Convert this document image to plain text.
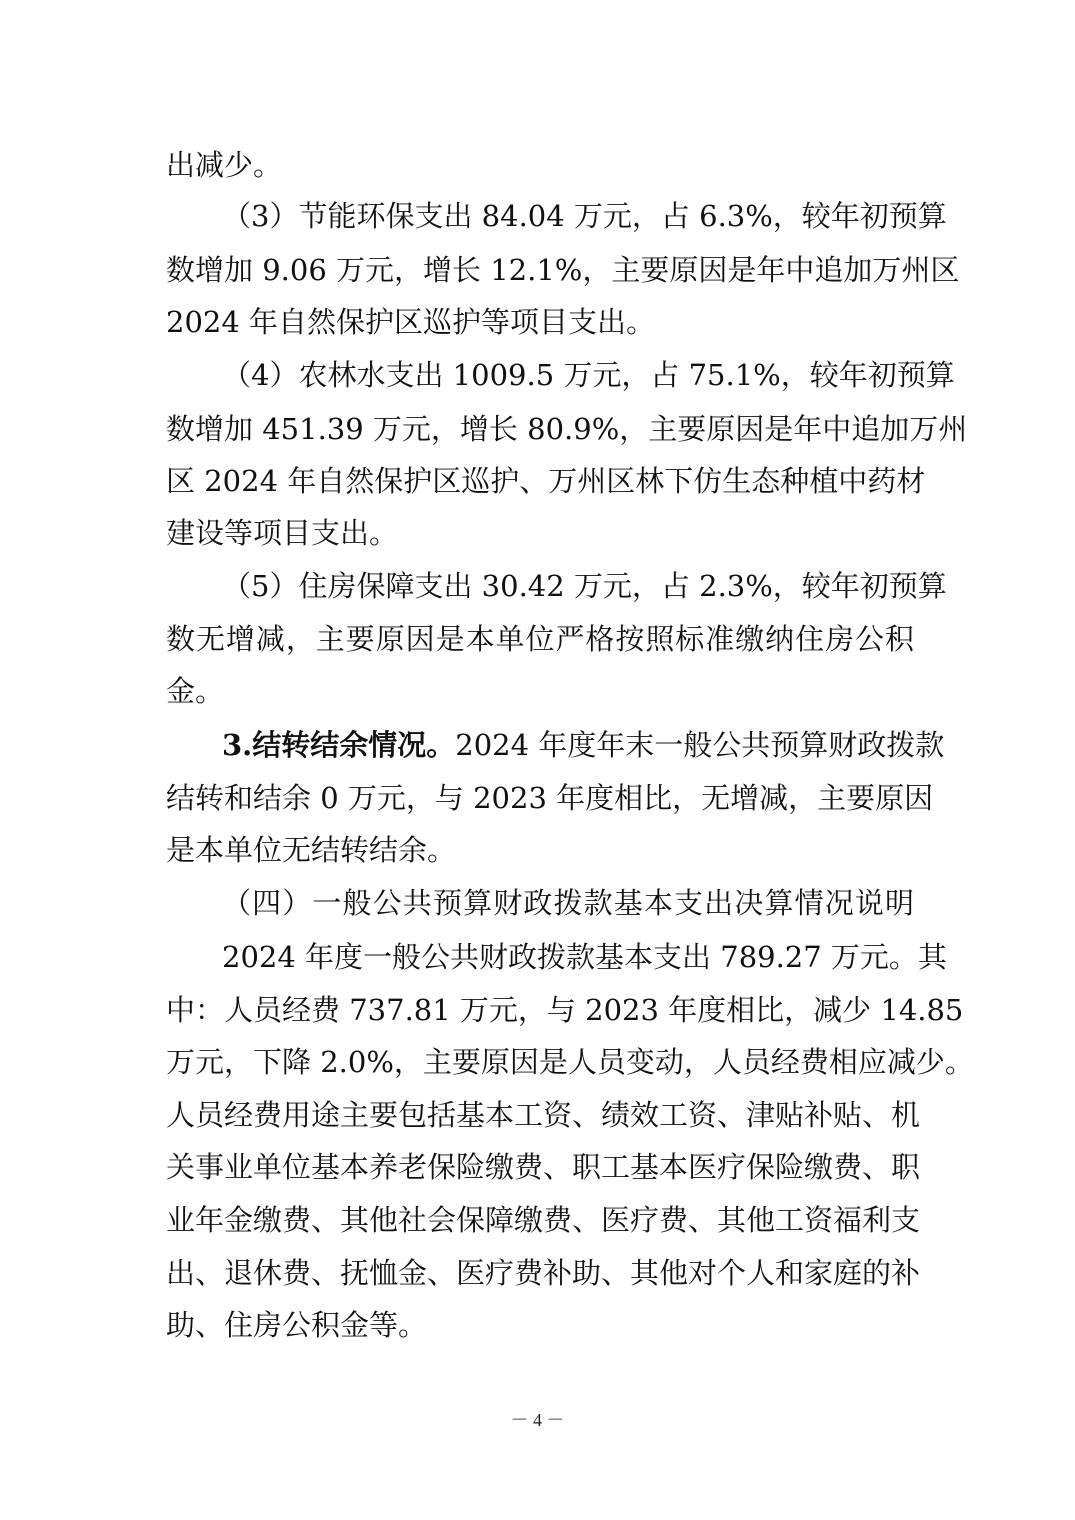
出减少。
（3）节能环保支出 84.04 万元，占 6.3%，较年初预算
数增加 9.06 万元，增长 12.1%，主要原因是年中追加万州区
2024 年自然保护区巡护等项目支出。
（4）农林水支出 1009.5 万元，占 75.1%，较年初预算
数增加 451.39 万元，增长 80.9%，主要原因是年中追加万州
区 2024 年自然保护区巡护、万州区林下仿生态种植中药材
建设等项目支出。
（5）住房保障支出 30.42 万元，占 2.3%，较年初预算
数无增减，主要原因是本单位严格按照标准缴纳住房公积
金。
3.结转结余情况。2024 年度年末一般公共预算财政拨款
结转和结余 0 万元，与 2023 年度相比，无增减，主要原因
是本单位无结转结余。
（四）一般公共预算财政拨款基本支出决算情况说明
2024 年度一般公共财政拨款基本支出 789.27 万元。其
中：人员经费 737.81 万元，与 2023 年度相比，减少 14.85
万元，下降 2.0%，主要原因是人员变动，人员经费相应减少。
人员经费用途主要包括基本工资、绩效工资、津贴补贴、机
关事业单位基本养老保险缴费、职工基本医疗保险缴费、职
业年金缴费、其他社会保障缴费、医疗费、其他工资福利支
出、退休费、抚恤金、医疗费补助、其他对个人和家庭的补
助、住房公积金等。
－ 4 －
